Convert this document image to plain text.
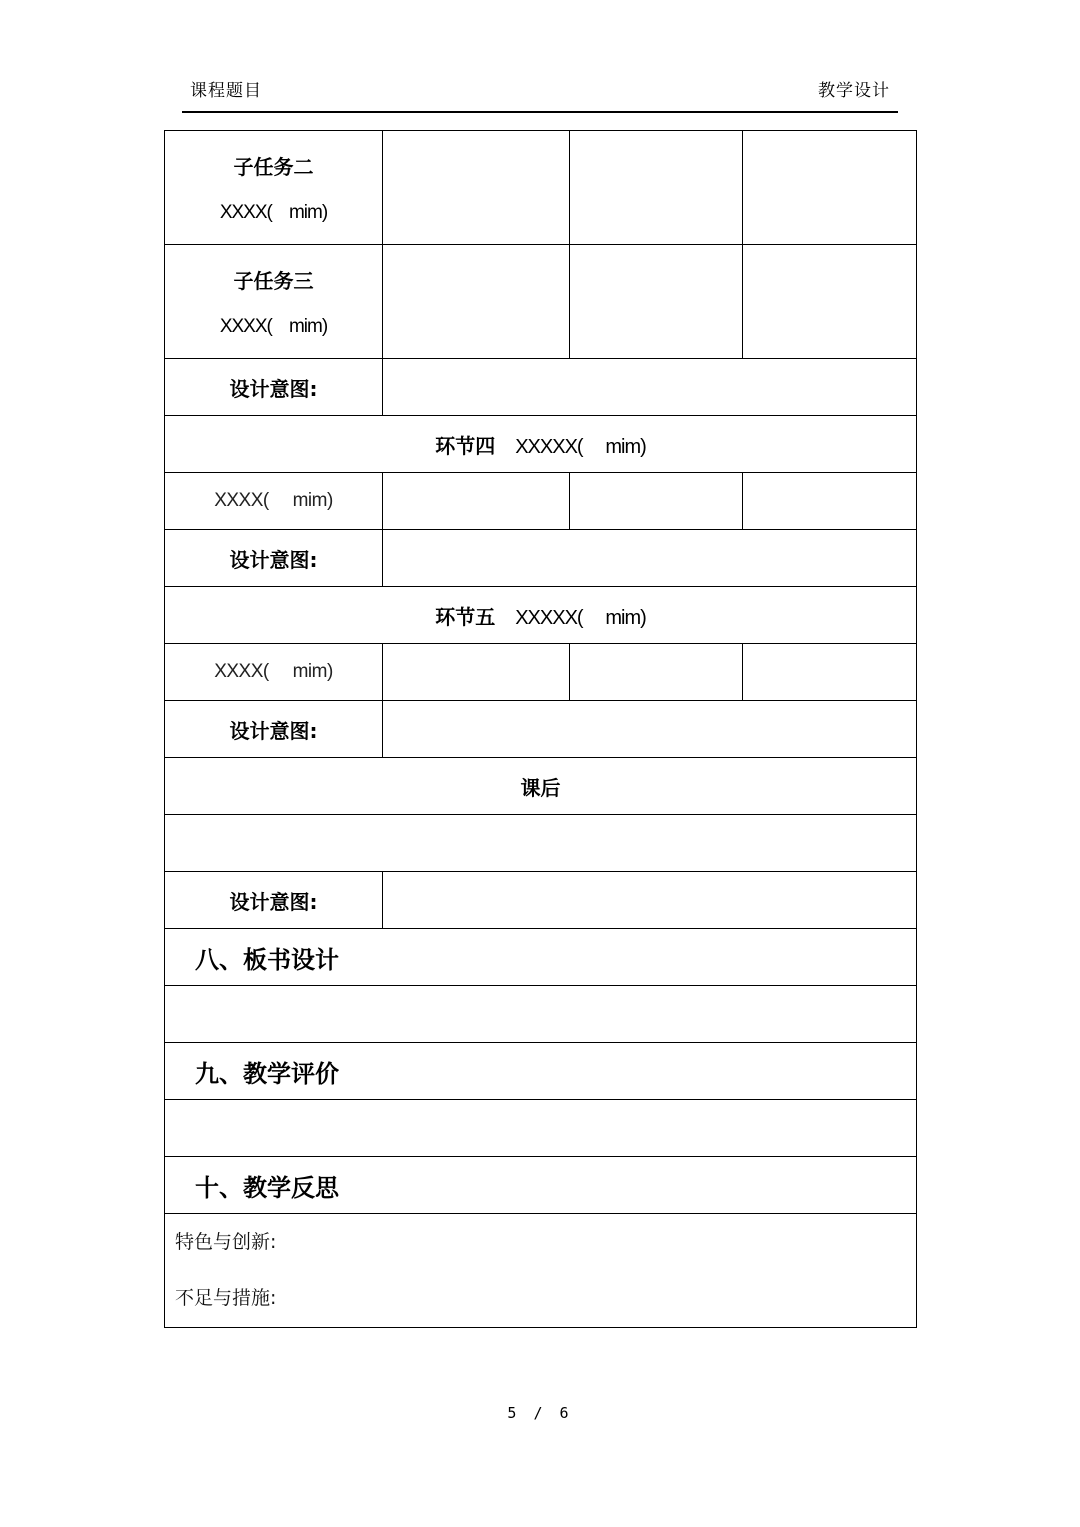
课程题目	教学设计
子任务二
XXXX(    mim)			

子任务三
XXXX(    mim)			

设计意图:			
环节四 XXXXX(     mim)			
XXXX(     mim)			
设计意图:			
环节五 XXXXX(     mim)			
XXXX(     mim)			
设计意图:			
课后			

设计意图:			
八、板书设计			

九、教学评价			

十、教学反思			

特色与创新:
不足与措施:			
5 / 6
